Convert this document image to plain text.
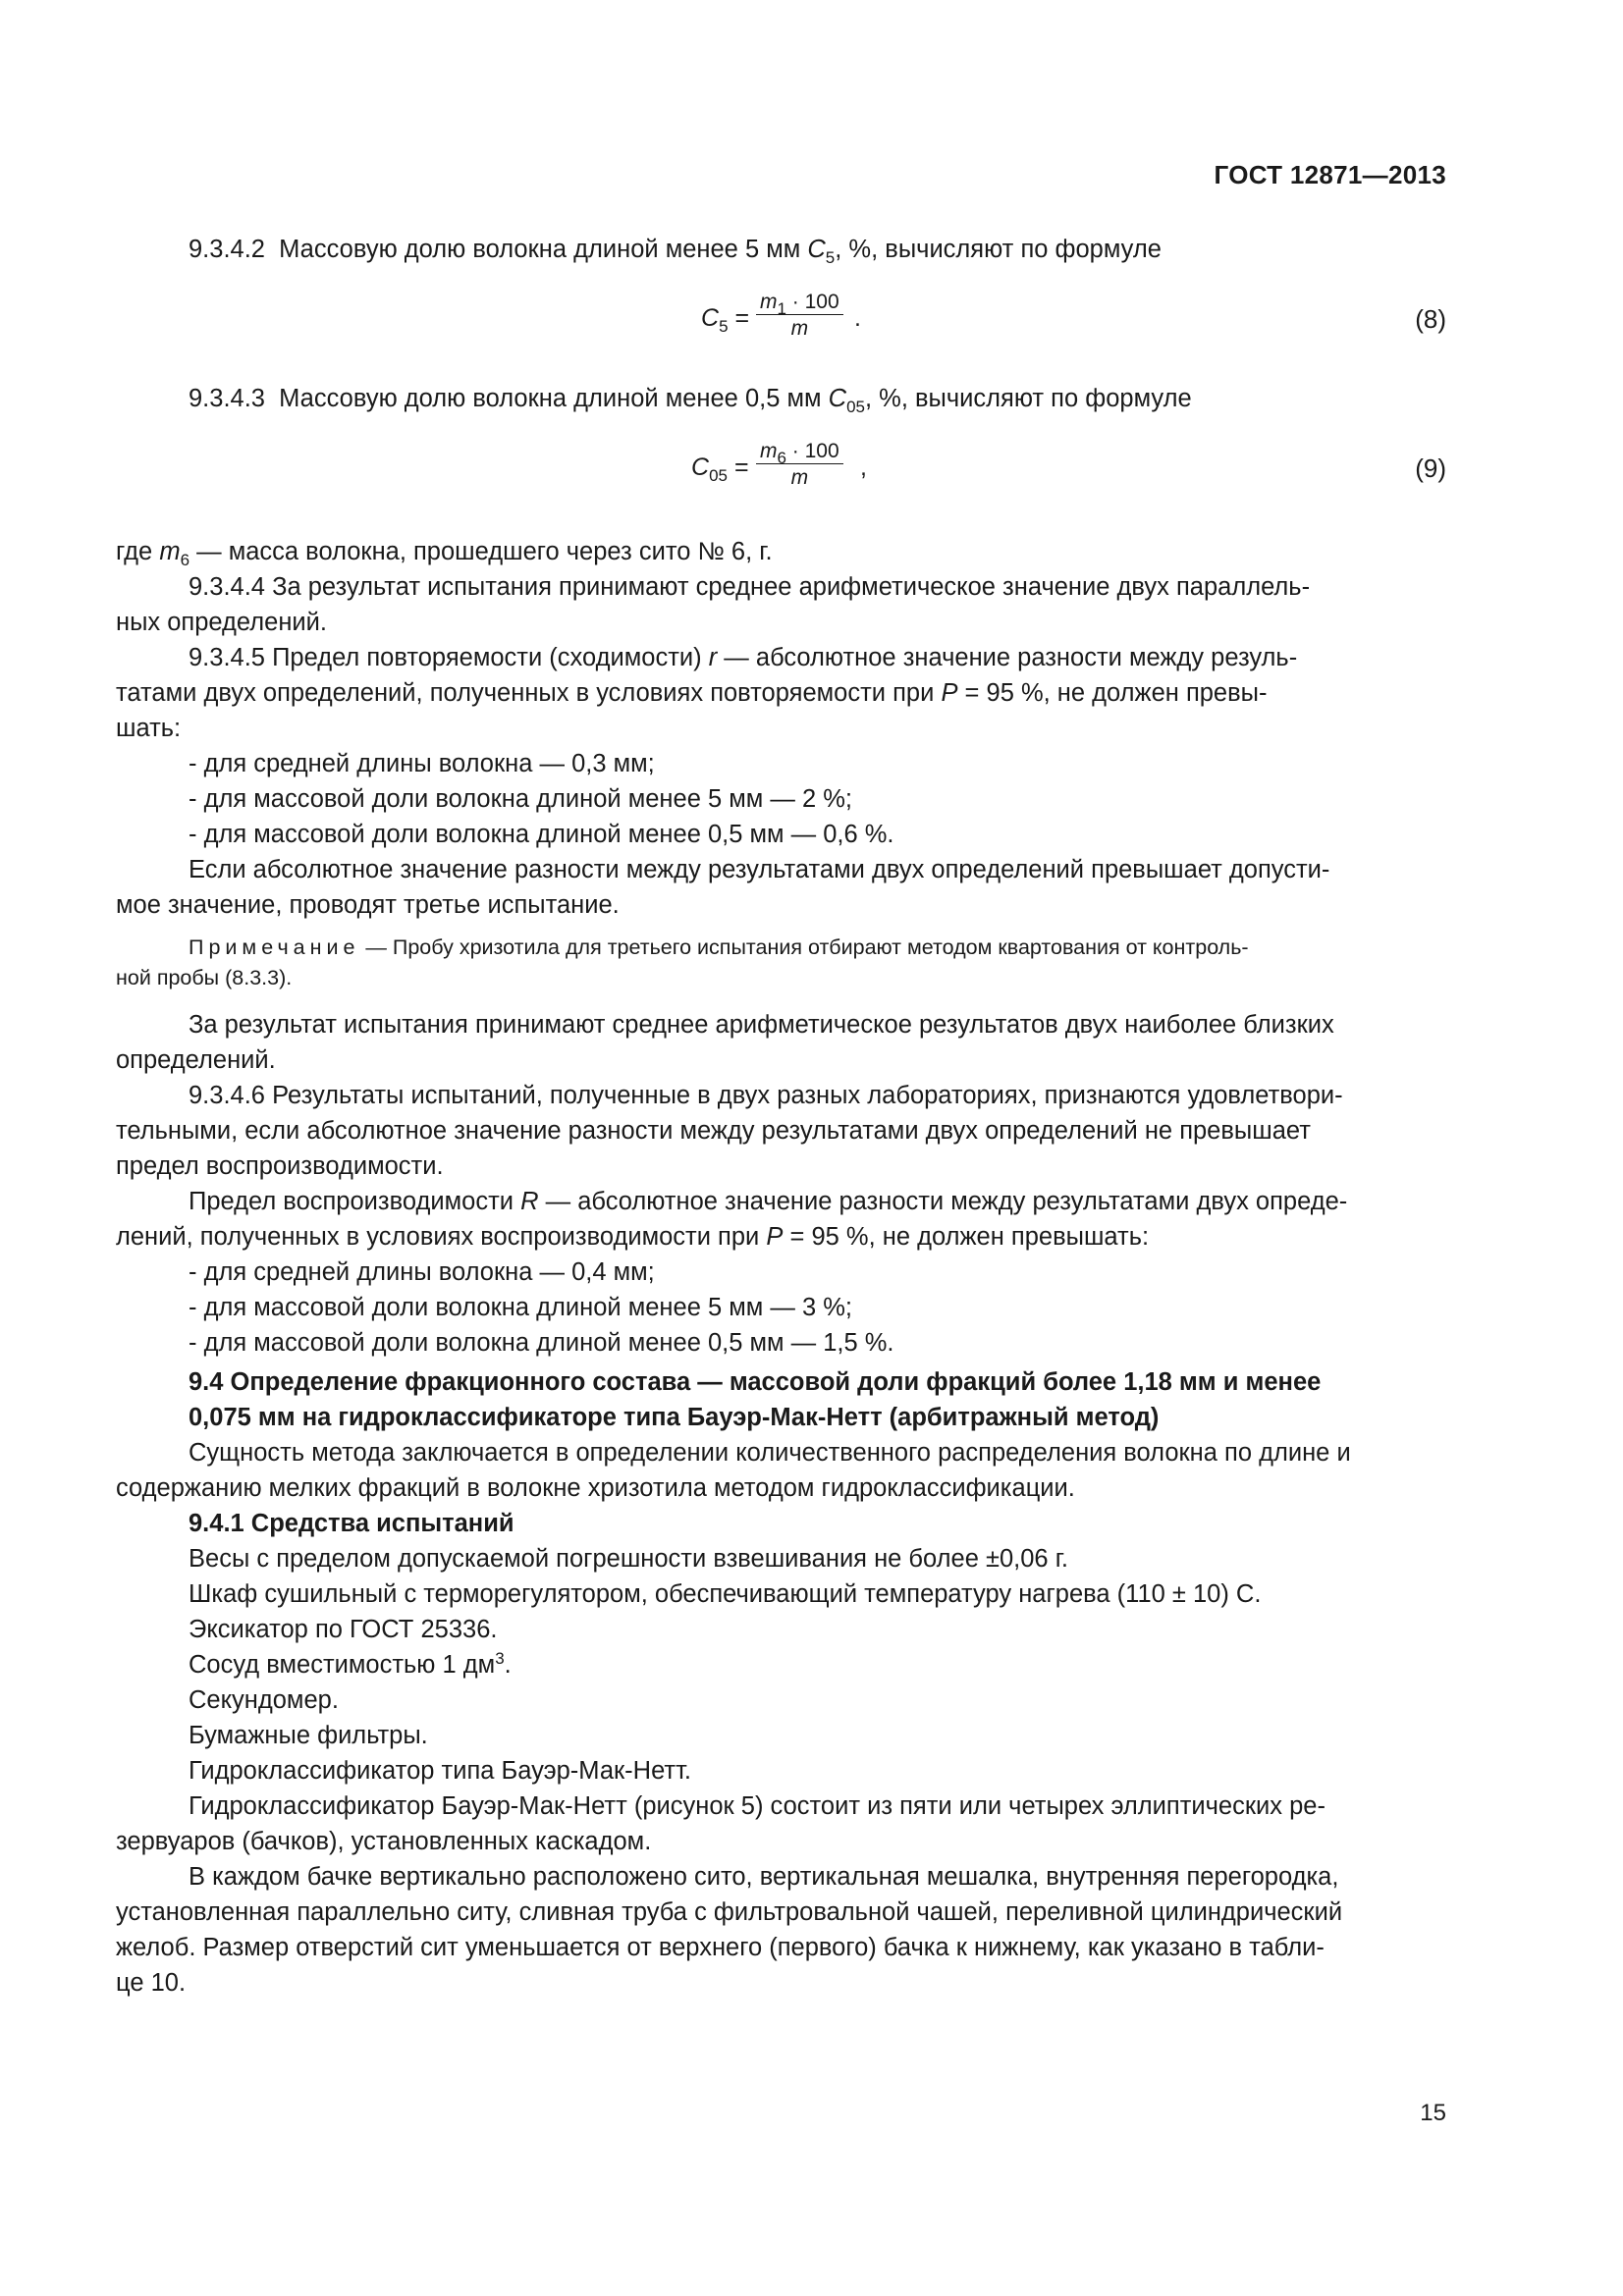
ГОСТ 12871—2013
9.3.4.2 Массовую долю волокна длиной менее 5 мм $C_5$, %, вычисляют по формуле
$C_5$ =
$m_1 \cdot 100$
m .	(8)
9.3.4.3 Массовую долю волокна длиной менее 0,5 мм $C_{05}$, %, вычисляют по формуле
$C_{05}$ =
$m_6 \cdot 100$
m ,	(9)
где $m_6$ — масса волокна, прошедшего через сито № 6, г.
9.3.4.4 За результат испытания принимают среднее арифметическое значение двух параллель-
ных определений.
9.3.4.5 Предел повторяемости (сходимости) r — абсолютное значение разности между резуль-
татами двух определений, полученных в условиях повторяемости при P = 95 %, не должен превы-
шать:
- для средней длины волокна — 0,3 мм;
- для массовой доли волокна длиной менее 5 мм — 2 %;
- для массовой доли волокна длиной менее 0,5 мм — 0,6 %.
Если абсолютное значение разности между результатами двух определений превышает допусти-
мое значение, проводят третье испытание.
Примечание — Пробу хризотила для третьего испытания отбирают методом квартования от контроль-
ной пробы (8.3.3).
За результат испытания принимают среднее арифметическое результатов двух наиболее близких
определений.
9.3.4.6 Результаты испытаний, полученные в двух разных лабораториях, признаются удовлетвори-
тельными, если абсолютное значение разности между результатами двух определений не превышает
предел воспроизводимости.
Предел воспроизводимости R — абсолютное значение разности между результатами двух опреде-
лений, полученных в условиях воспроизводимости при P = 95 %, не должен превышать:
- для средней длины волокна — 0,4 мм;
- для массовой доли волокна длиной менее 5 мм — 3 %;
- для массовой доли волокна длиной менее 0,5 мм — 1,5 %.
9.4 Определение фракционного состава — массовой доли фракций более 1,18 мм и менее
0,075 мм на гидроклассификаторе типа Бауэр-Мак-Нетт (арбитражный метод)
Сущность метода заключается в определении количественного распределения волокна по длине и
содержанию мелких фракций в волокне хризотила методом гидроклассификации.
9.4.1 Средства испытаний
Весы с пределом допускаемой погрешности взвешивания не более ±0,06 г.
Шкаф сушильный с терморегулятором, обеспечивающий температуру нагрева (110 ± 10) С.
Эксикатор по ГОСТ 25336.
Сосуд вместимостью 1 $дм^3$.
Секундомер.
Бумажные фильтры.
Гидроклассификатор типа Бауэр-Мак-Нетт.
Гидроклассификатор Бауэр-Мак-Нетт (рисунок 5) состоит из пяти или четырех эллиптических ре-
зервуаров (бачков), установленных каскадом.
В каждом бачке вертикально расположено сито, вертикальная мешалка, внутренняя перегородка,
установленная параллельно ситу, сливная труба с фильтровальной чашей, переливной цилиндрический
желоб. Размер отверстий сит уменьшается от верхнего (первого) бачка к нижнему, как указано в табли-
це 10.
15
